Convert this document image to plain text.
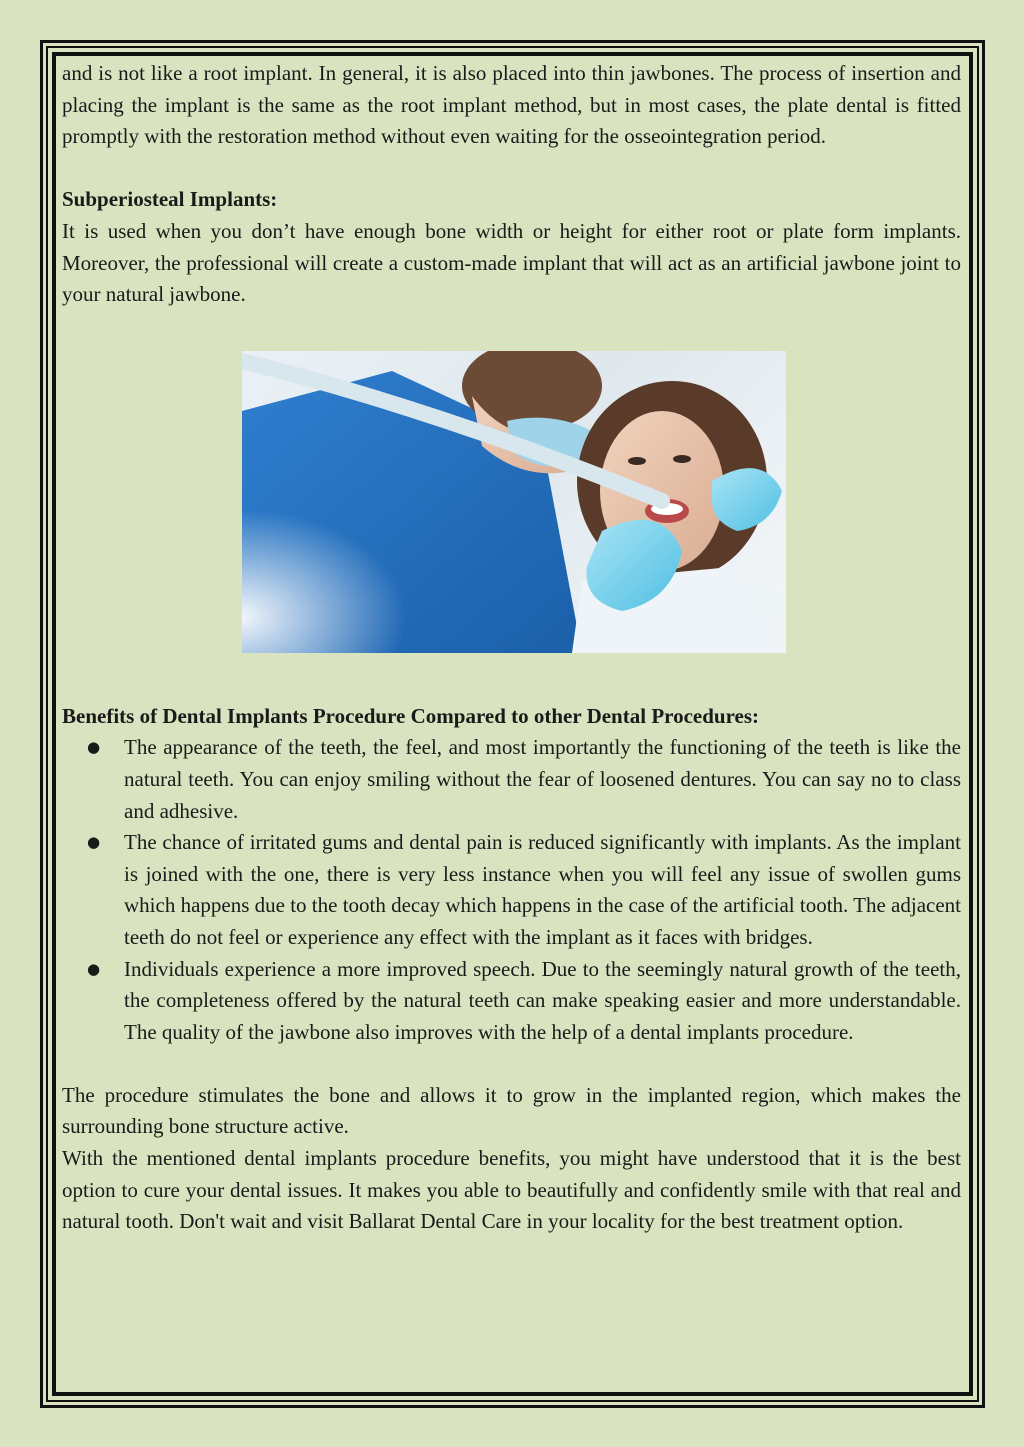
and is not like a root implant. In general, it is also placed into thin jawbones. The process of insertion and placing the implant is the same as the root implant method, but in most cases, the plate dental is fitted promptly with the restoration method without even waiting for the osseointegration period.

Subperiosteal Implants:

It is used when you don’t have enough bone width or height for either root or plate form implants. Moreover, the professional will create a custom-made implant that will act as an artificial jawbone joint to your natural jawbone.

Benefits of Dental Implants Procedure Compared to other Dental Procedures:

● The appearance of the teeth, the feel, and most importantly the functioning of the teeth is like the natural teeth. You can enjoy smiling without the fear of loosened dentures. You can say no to class and adhesive.
● The chance of irritated gums and dental pain is reduced significantly with implants. As the implant is joined with the one, there is very less instance when you will feel any issue of swollen gums which happens due to the tooth decay which happens in the case of the artificial tooth. The adjacent teeth do not feel or experience any effect with the implant as it faces with bridges.
● Individuals experience a more improved speech. Due to the seemingly natural growth of the teeth, the completeness offered by the natural teeth can make speaking easier and more understandable. The quality of the jawbone also improves with the help of a dental implants procedure.

The procedure stimulates the bone and allows it to grow in the implanted region, which makes the surrounding bone structure active.

With the mentioned dental implants procedure benefits, you might have understood that it is the best option to cure your dental issues. It makes you able to beautifully and confidently smile with that real and natural tooth. Don't wait and visit Ballarat Dental Care in your locality for the best treatment option.
